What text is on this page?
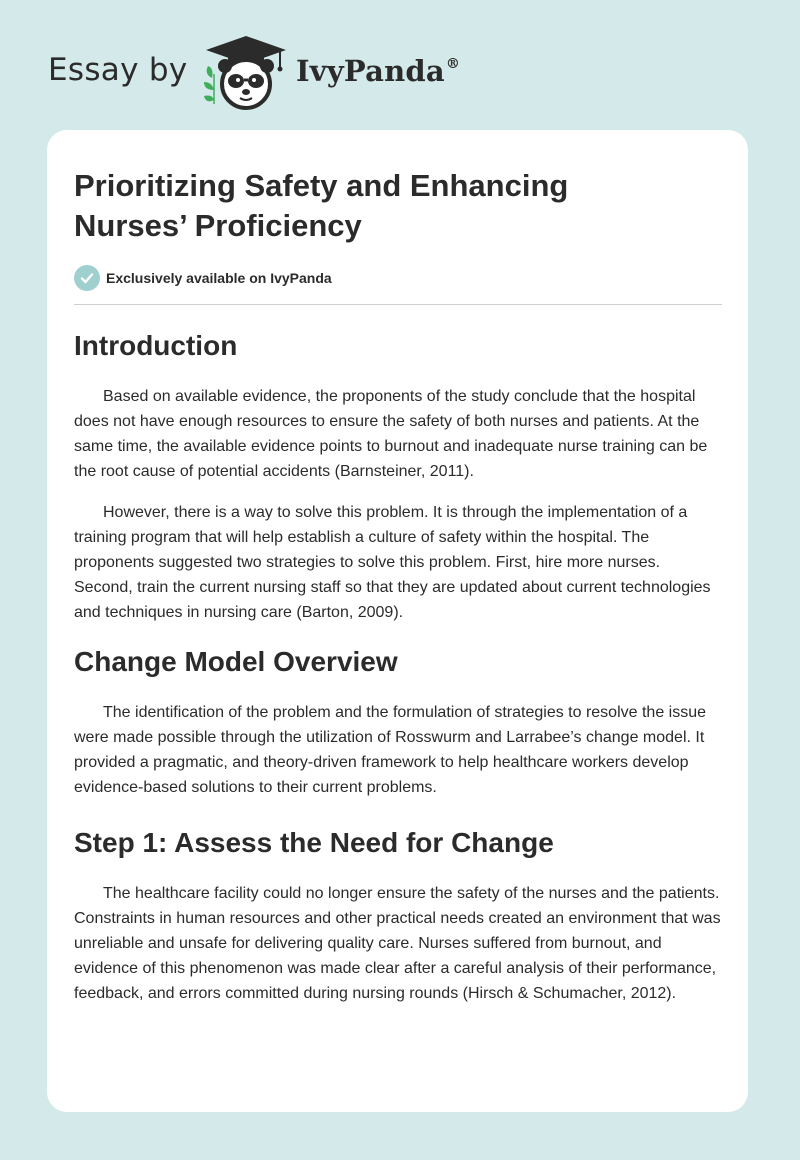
Essay by	IvyPanda®
Prioritizing Safety and Enhancing Nurses’ Proficiency
Exclusively available on IvyPanda
Introduction

Based on available evidence, the proponents of the study conclude that the hospital does not have enough resources to ensure the safety of both nurses and patients. At the same time, the available evidence points to burnout and inadequate nurse training can be the root cause of potential accidents (Barnsteiner, 2011).

However, there is a way to solve this problem. It is through the implementation of a training program that will help establish a culture of safety within the hospital. The proponents suggested two strategies to solve this problem. First, hire more nurses. Second, train the current nursing staff so that they are updated about current technologies and techniques in nursing care (Barton, 2009).

Change Model Overview

The identification of the problem and the formulation of strategies to resolve the issue were made possible through the utilization of Rosswurm and Larrabee’s change model. It provided a pragmatic, and theory-driven framework to help healthcare workers develop evidence-based solutions to their current problems.

Step 1: Assess the Need for Change

The healthcare facility could no longer ensure the safety of the nurses and the patients. Constraints in human resources and other practical needs created an environment that was unreliable and unsafe for delivering quality care. Nurses suffered from burnout, and evidence of this phenomenon was made clear after a careful analysis of their performance, feedback, and errors committed during nursing rounds (Hirsch & Schumacher, 2012).
